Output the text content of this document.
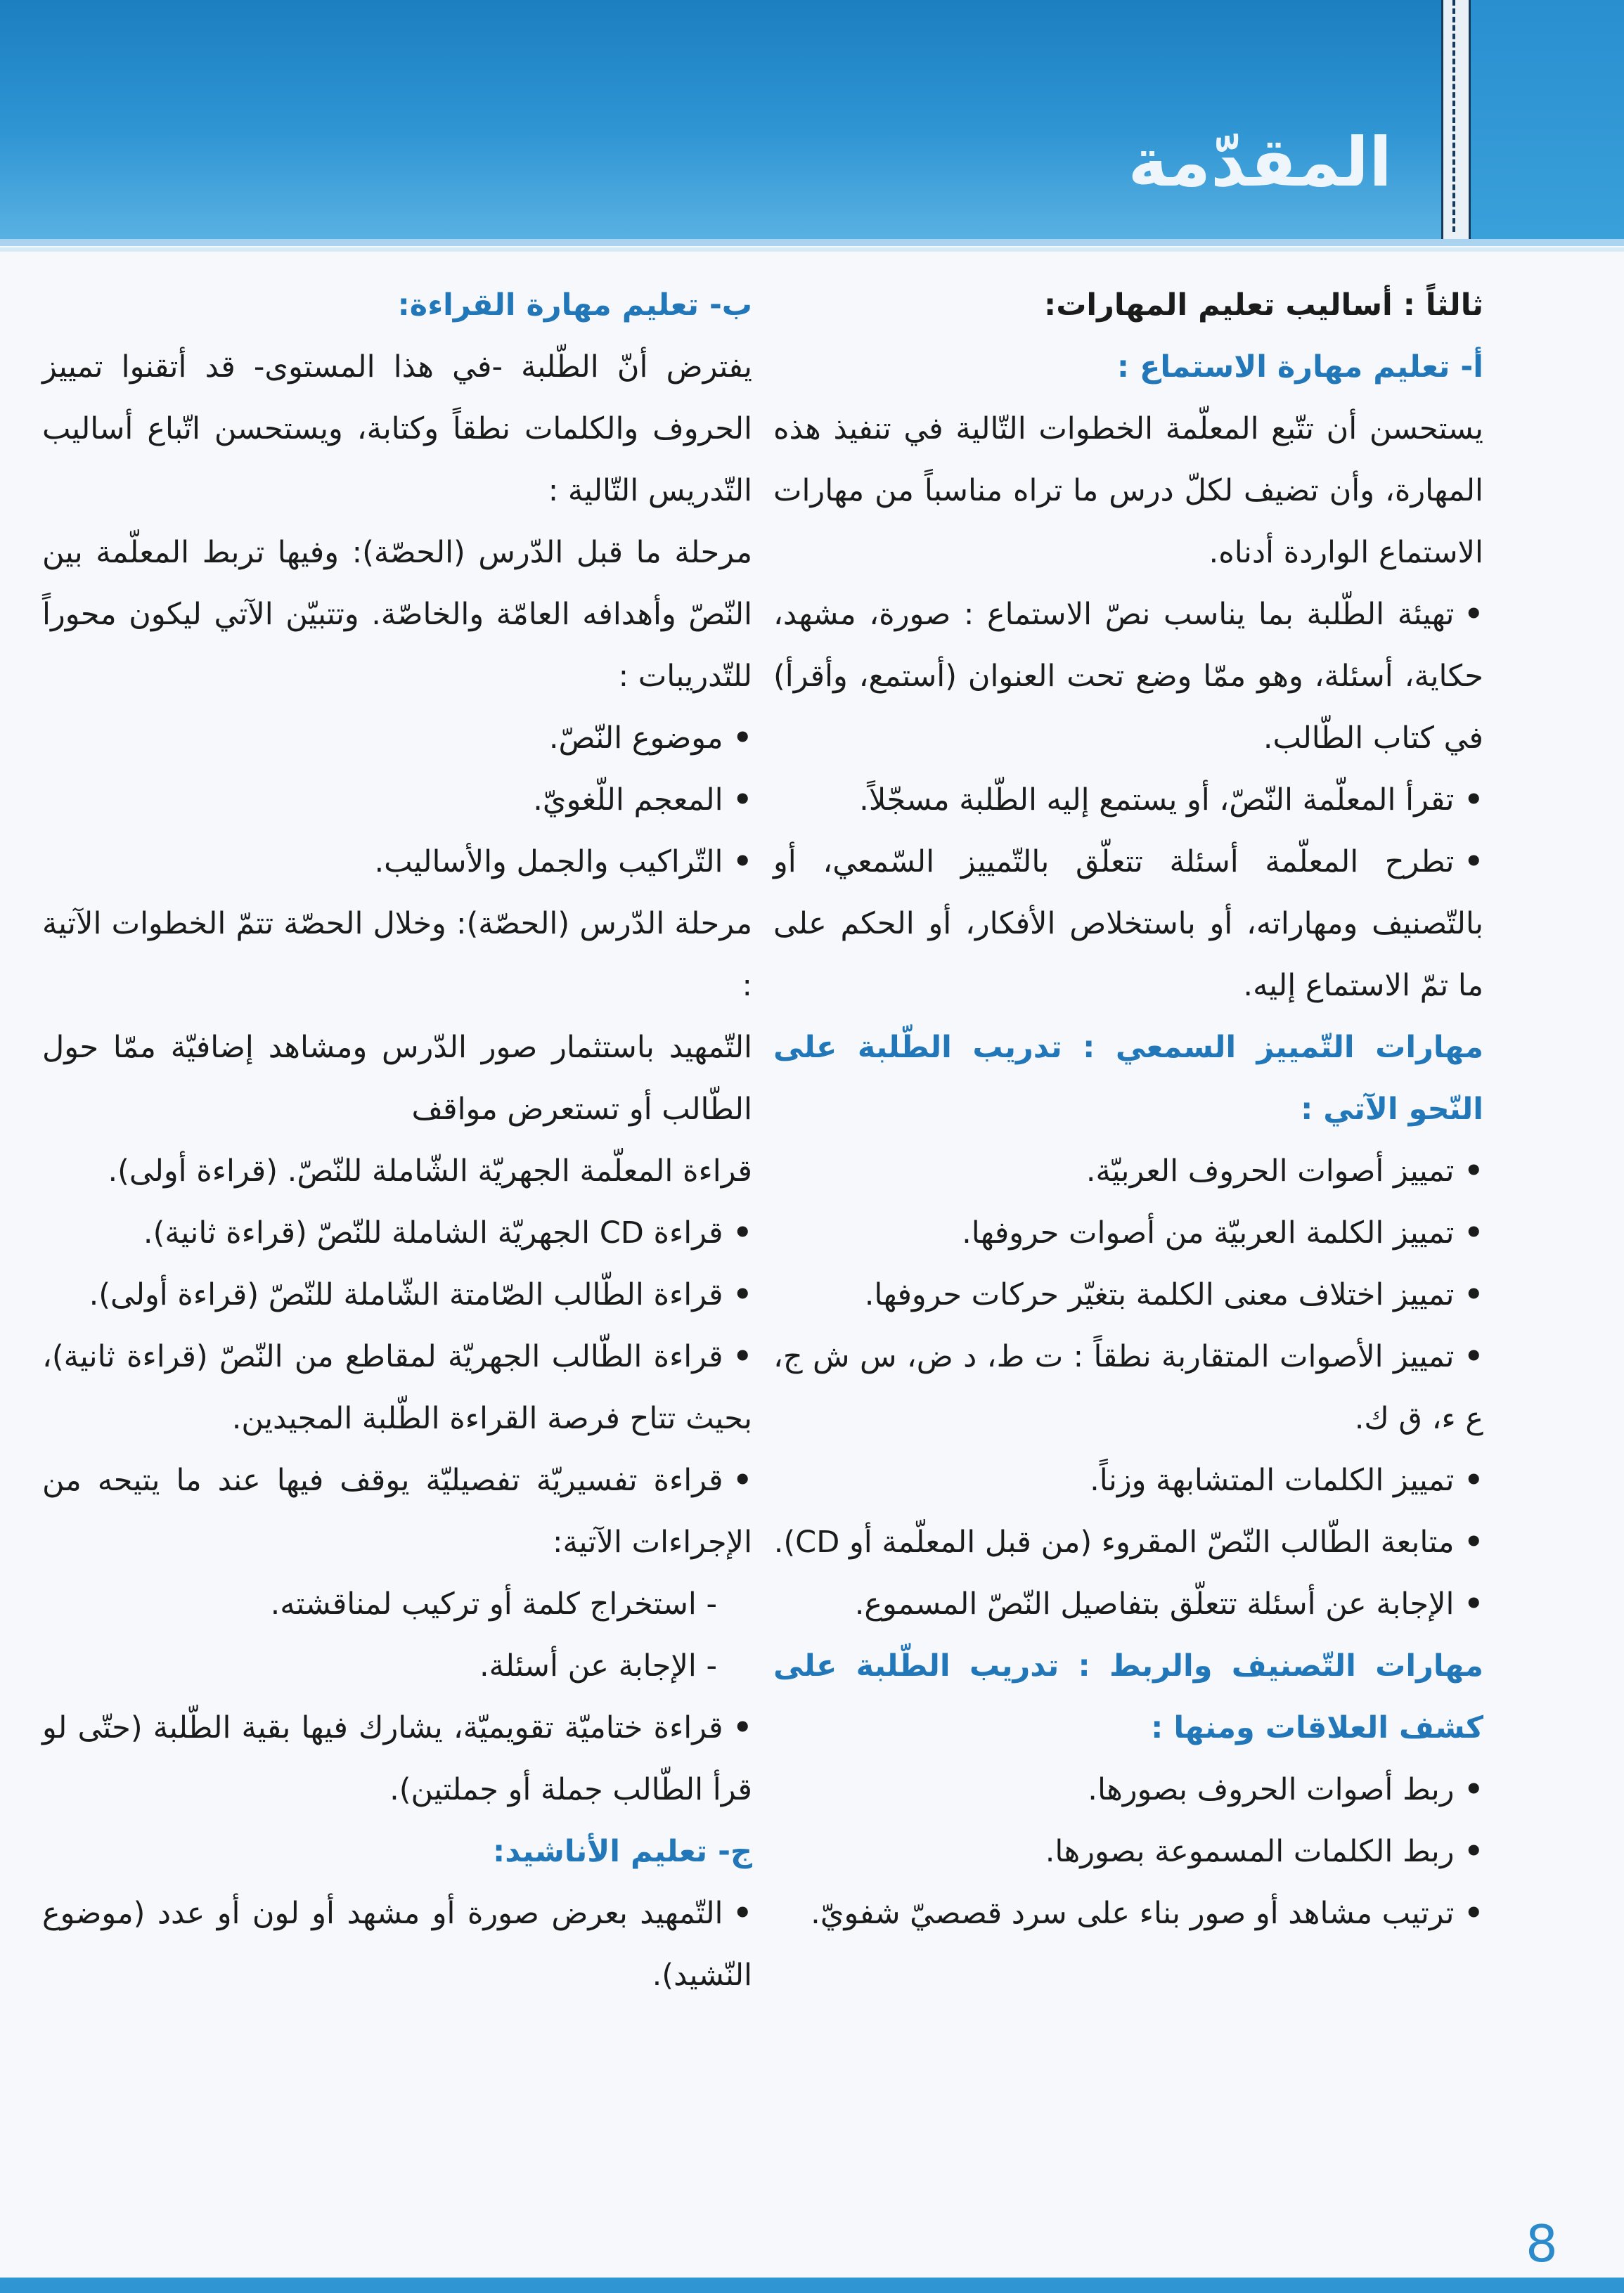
المقدّمة

ثالثاً : أساليب تعليم المهارات:

أ- تعليم مهارة الاستماع :

يستحسن أن تتّبع المعلّمة الخطوات التّالية في تنفيذ هذه المهارة، وأن تضيف لكلّ درس ما تراه مناسباً من مهارات الاستماع الواردة أدناه.

• تهيئة الطّلبة بما يناسب نصّ الاستماع : صورة، مشهد، حكاية، أسئلة، وهو ممّا وضع تحت العنوان (أستمع، وأقرأ) في كتاب الطّالب.

• تقرأ المعلّمة النّصّ، أو يستمع إليه الطّلبة مسجّلاً.

• تطرح المعلّمة أسئلة تتعلّق بالتّمييز السّمعي، أو بالتّصنيف ومهاراته، أو باستخلاص الأفكار، أو الحكم على ما تمّ الاستماع إليه.

مهارات التّمييز السمعي : تدريب الطّلبة على النّحو الآتي :

• تمييز أصوات الحروف العربيّة.

• تمييز الكلمة العربيّة من أصوات حروفها.

• تمييز اختلاف معنى الكلمة بتغيّر حركات حروفها.

• تمييز الأصوات المتقاربة نطقاً : ت ط، د ض، س ش ج، ع ء، ق ك.

• تمييز الكلمات المتشابهة وزناً.

• متابعة الطّالب النّصّ المقروء (من قبل المعلّمة أو CD).

• الإجابة عن أسئلة تتعلّق بتفاصيل النّصّ المسموع.

مهارات التّصنيف والربط : تدريب الطّلبة على كشف العلاقات ومنها :

• ربط أصوات الحروف بصورها.

• ربط الكلمات المسموعة بصورها.

• ترتيب مشاهد أو صور بناء على سرد قصصيّ شفويّ.

ب- تعليم مهارة القراءة:

يفترض أنّ الطّلبة -في هذا المستوى- قد أتقنوا تمييز الحروف والكلمات نطقاً وكتابة، ويستحسن اتّباع أساليب التّدريس التّالية :

مرحلة ما قبل الدّرس (الحصّة): وفيها تربط المعلّمة بين النّصّ وأهدافه العامّة والخاصّة. وتتبيّن الآتي ليكون محوراً للتّدريبات :

• موضوع النّصّ.

• المعجم اللّغويّ.

• التّراكيب والجمل والأساليب.

مرحلة الدّرس (الحصّة): وخلال الحصّة تتمّ الخطوات الآتية :

التّمهيد باستثمار صور الدّرس ومشاهد إضافيّة ممّا حول الطّالب أو تستعرض مواقف

قراءة المعلّمة الجهريّة الشّاملة للنّصّ. (قراءة أولى).

• قراءة CD الجهريّة الشاملة للنّصّ (قراءة ثانية).

• قراءة الطّالب الصّامتة الشّاملة للنّصّ (قراءة أولى).

• قراءة الطّالب الجهريّة لمقاطع من النّصّ (قراءة ثانية)، بحيث تتاح فرصة القراءة الطّلبة المجيدين.

• قراءة تفسيريّة تفصيليّة يوقف فيها عند ما يتيحه من الإجراءات الآتية:

- استخراج كلمة أو تركيب لمناقشته.

- الإجابة عن أسئلة.

• قراءة ختاميّة تقويميّة، يشارك فيها بقية الطّلبة (حتّى لو قرأ الطّالب جملة أو جملتين).

ج- تعليم الأناشيد:

• التّمهيد بعرض صورة أو مشهد أو لون أو عدد (موضوع النّشيد).

8
